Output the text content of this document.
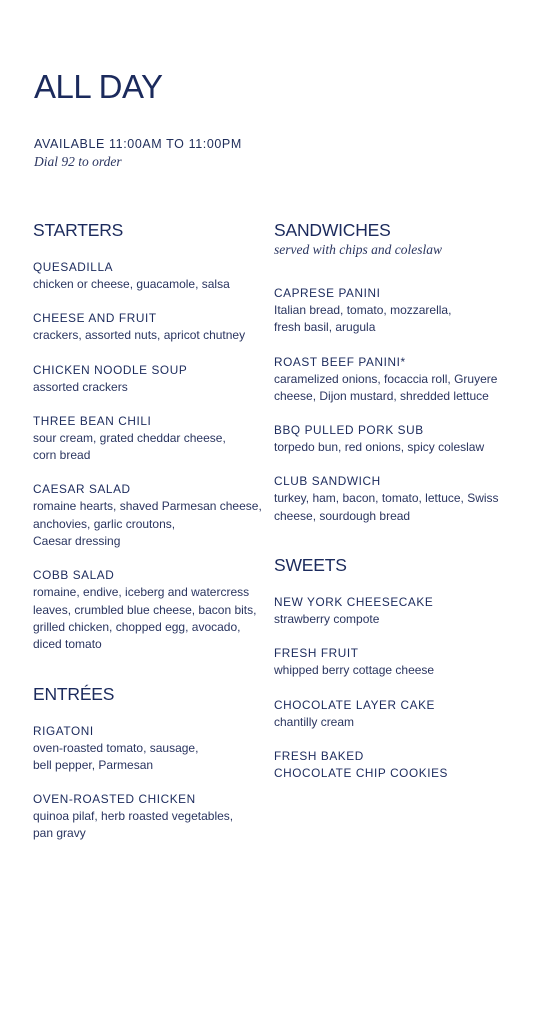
ALL DAY
AVAILABLE 11:00AM TO 11:00PM
Dial 92 to order
STARTERS
QUESADILLA
chicken or cheese, guacamole, salsa
CHEESE AND FRUIT
crackers, assorted nuts, apricot chutney
CHICKEN NOODLE SOUP
assorted crackers
THREE BEAN CHILI
sour cream, grated cheddar cheese,
corn bread
CAESAR SALAD
romaine hearts, shaved Parmesan cheese,
anchovies, garlic croutons,
Caesar dressing
COBB SALAD
romaine, endive, iceberg and watercress
leaves, crumbled blue cheese, bacon bits,
grilled chicken, chopped egg, avocado,
diced tomato
ENTRÉES
RIGATONI
oven-roasted tomato, sausage,
bell pepper, Parmesan
OVEN-ROASTED CHICKEN
quinoa pilaf, herb roasted vegetables,
pan gravy
SANDWICHES
served with chips and coleslaw
CAPRESE PANINI
Italian bread, tomato, mozzarella,
fresh basil, arugula
ROAST BEEF PANINI*
caramelized onions, focaccia roll, Gruyere
cheese, Dijon mustard, shredded lettuce
BBQ PULLED PORK SUB
torpedo bun, red onions, spicy coleslaw
CLUB SANDWICH
turkey, ham, bacon, tomato, lettuce, Swiss
cheese, sourdough bread
SWEETS
NEW YORK CHEESECAKE
strawberry compote
FRESH FRUIT
whipped berry cottage cheese
CHOCOLATE LAYER CAKE
chantilly cream
FRESH BAKED
CHOCOLATE CHIP COOKIES
